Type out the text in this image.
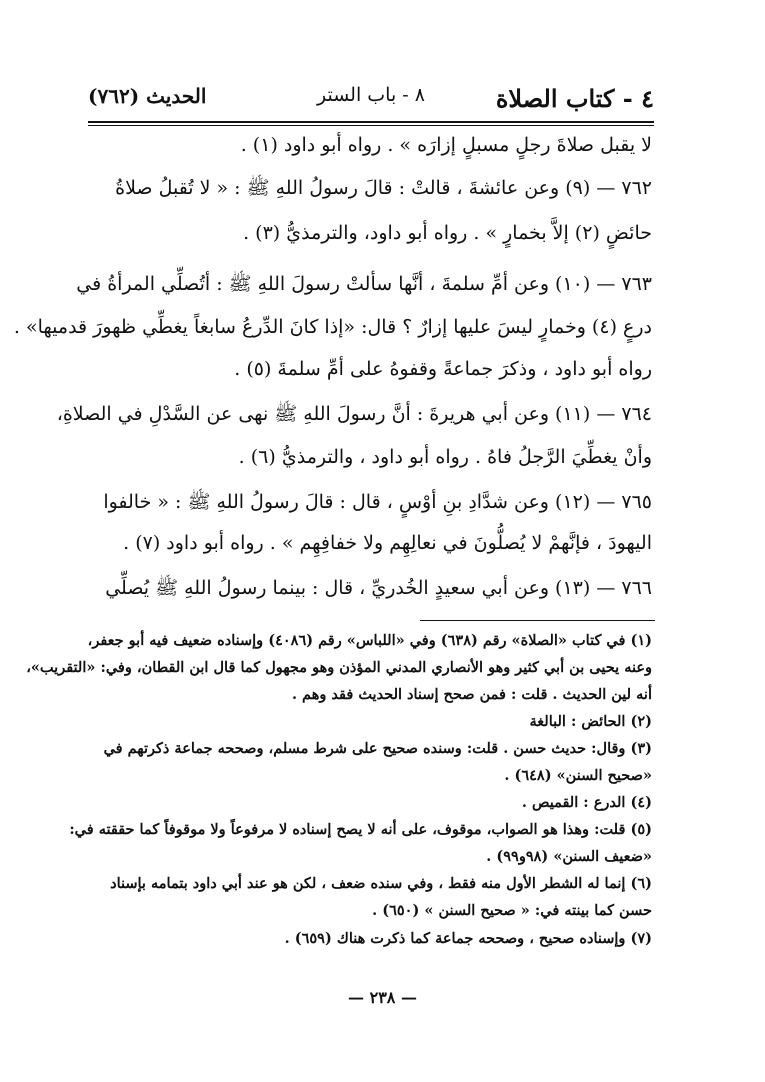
٤ - كتاب الصلاة
٨ - باب الستر
الحديث (٧٦٢)
لا يقبل صلاةَ رجلٍ مسبلٍ إزارَه » . رواه أبو داود (١) .
٧٦٢ — (٩) وعن عائشةَ ، قالتْ : قالَ رسولُ اللهِ ﷺ : « لا تُقبلُ صلاةُ
حائضٍ (٢) إلاَّ بخمارٍ » . رواه أبو داود، والترمذيُّ (٣) .
٧٦٣ — (١٠) وعن أمِّ سلمةَ ، أنَّها سألتْ رسولَ اللهِ ﷺ : أتُصلِّي المرأةُ في
درعٍ (٤) وخمارٍ ليسَ عليها إزارٌ ؟ قال: «إذا كانَ الدِّرعُ سابغاً يغطِّي ظهورَ قدميها» .
رواه أبو داود ، وذكرَ جماعةً وقفوهُ على أمِّ سلمةَ (٥) .
٧٦٤ — (١١) وعن أبي هريرةَ : أنَّ رسولَ اللهِ ﷺ نهى عن السَّدْلِ في الصلاةِ،
وأنْ يغطِّيَ الرَّجلُ فاهُ . رواه أبو داود ، والترمذيُّ (٦) .
٧٦٥ — (١٢) وعن شدَّادِ بنِ أوْسٍ ، قال : قالَ رسولُ اللهِ ﷺ : « خالفوا
اليهودَ ، فإنَّهمْ لا يُصلُّونَ في نعالِهِم ولا خفافِهِم » . رواه أبو داود (٧) .
٧٦٦ — (١٣) وعن أبي سعيدٍ الخُدريِّ ، قال : بينما رسولُ اللهِ ﷺ يُصلِّي
(١) في كتاب «الصلاة» رقم (٦٣٨) وفي «اللباس» رقم (٤٠٨٦) وإسناده ضعيف فيه أبو جعفر،
وعنه يحيى بن أبي كثير وهو الأنصاري المدني المؤذن وهو مجهول كما قال ابن القطان، وفي: «التقريب»،
أنه لين الحديث . قلت : فمن صحح إسناد الحديث فقد وهم .
(٢) الحائض : البالغة
(٣) وقال: حديث حسن . قلت: وسنده صحيح على شرط مسلم، وصححه جماعة ذكرتهم في
«صحيح السنن» (٦٤٨) .
(٤) الدرع : القميص .
(٥) قلت: وهذا هو الصواب، موقوف، على أنه لا يصح إسناده لا مرفوعاً ولا موقوفاً كما حققته في:
«ضعيف السنن» (٩٨و٩٩) .
(٦) إنما له الشطر الأول منه فقط ، وفي سنده ضعف ، لكن هو عند أبي داود بتمامه بإسناد
حسن كما بينته في: « صحيح السنن » (٦٥٠) .
(٧) وإسناده صحيح ، وصححه جماعة كما ذكرت هناك (٦٥٩) .
— ٢٣٨ —
